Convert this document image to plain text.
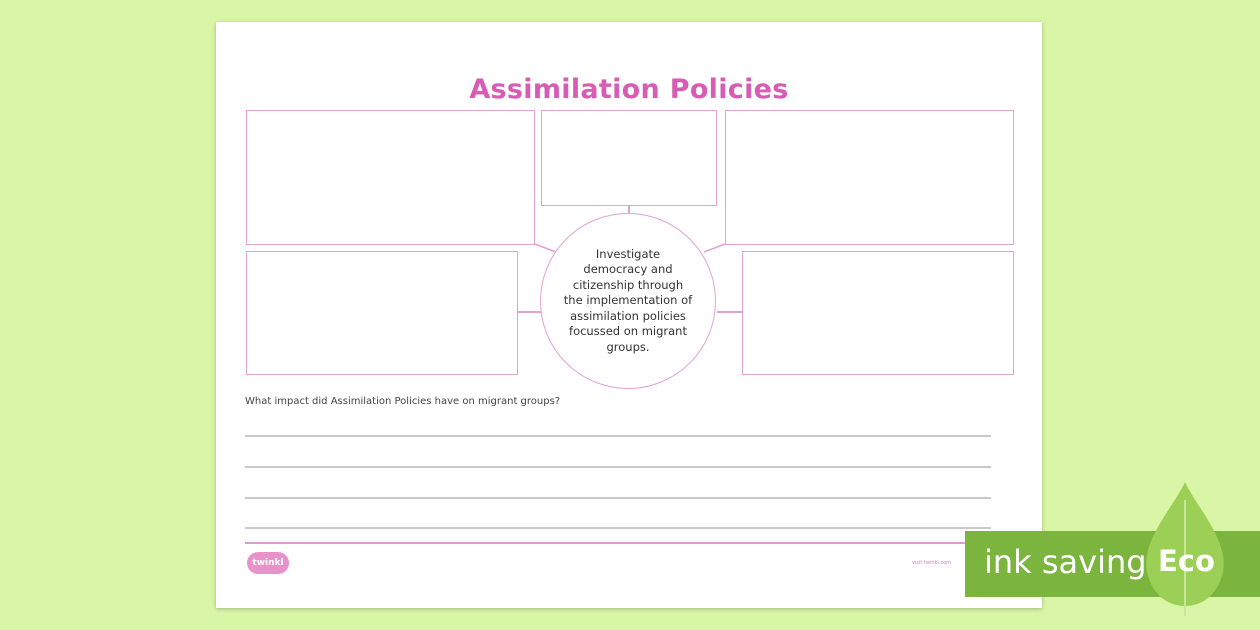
Assimilation Policies
Investigate democracy and citizenship through the implementation of assimilation policies focussed on migrant groups.
What impact did Assimilation Policies have on migrant groups?
twinkl	visit twinkl.com ink saving Eco
